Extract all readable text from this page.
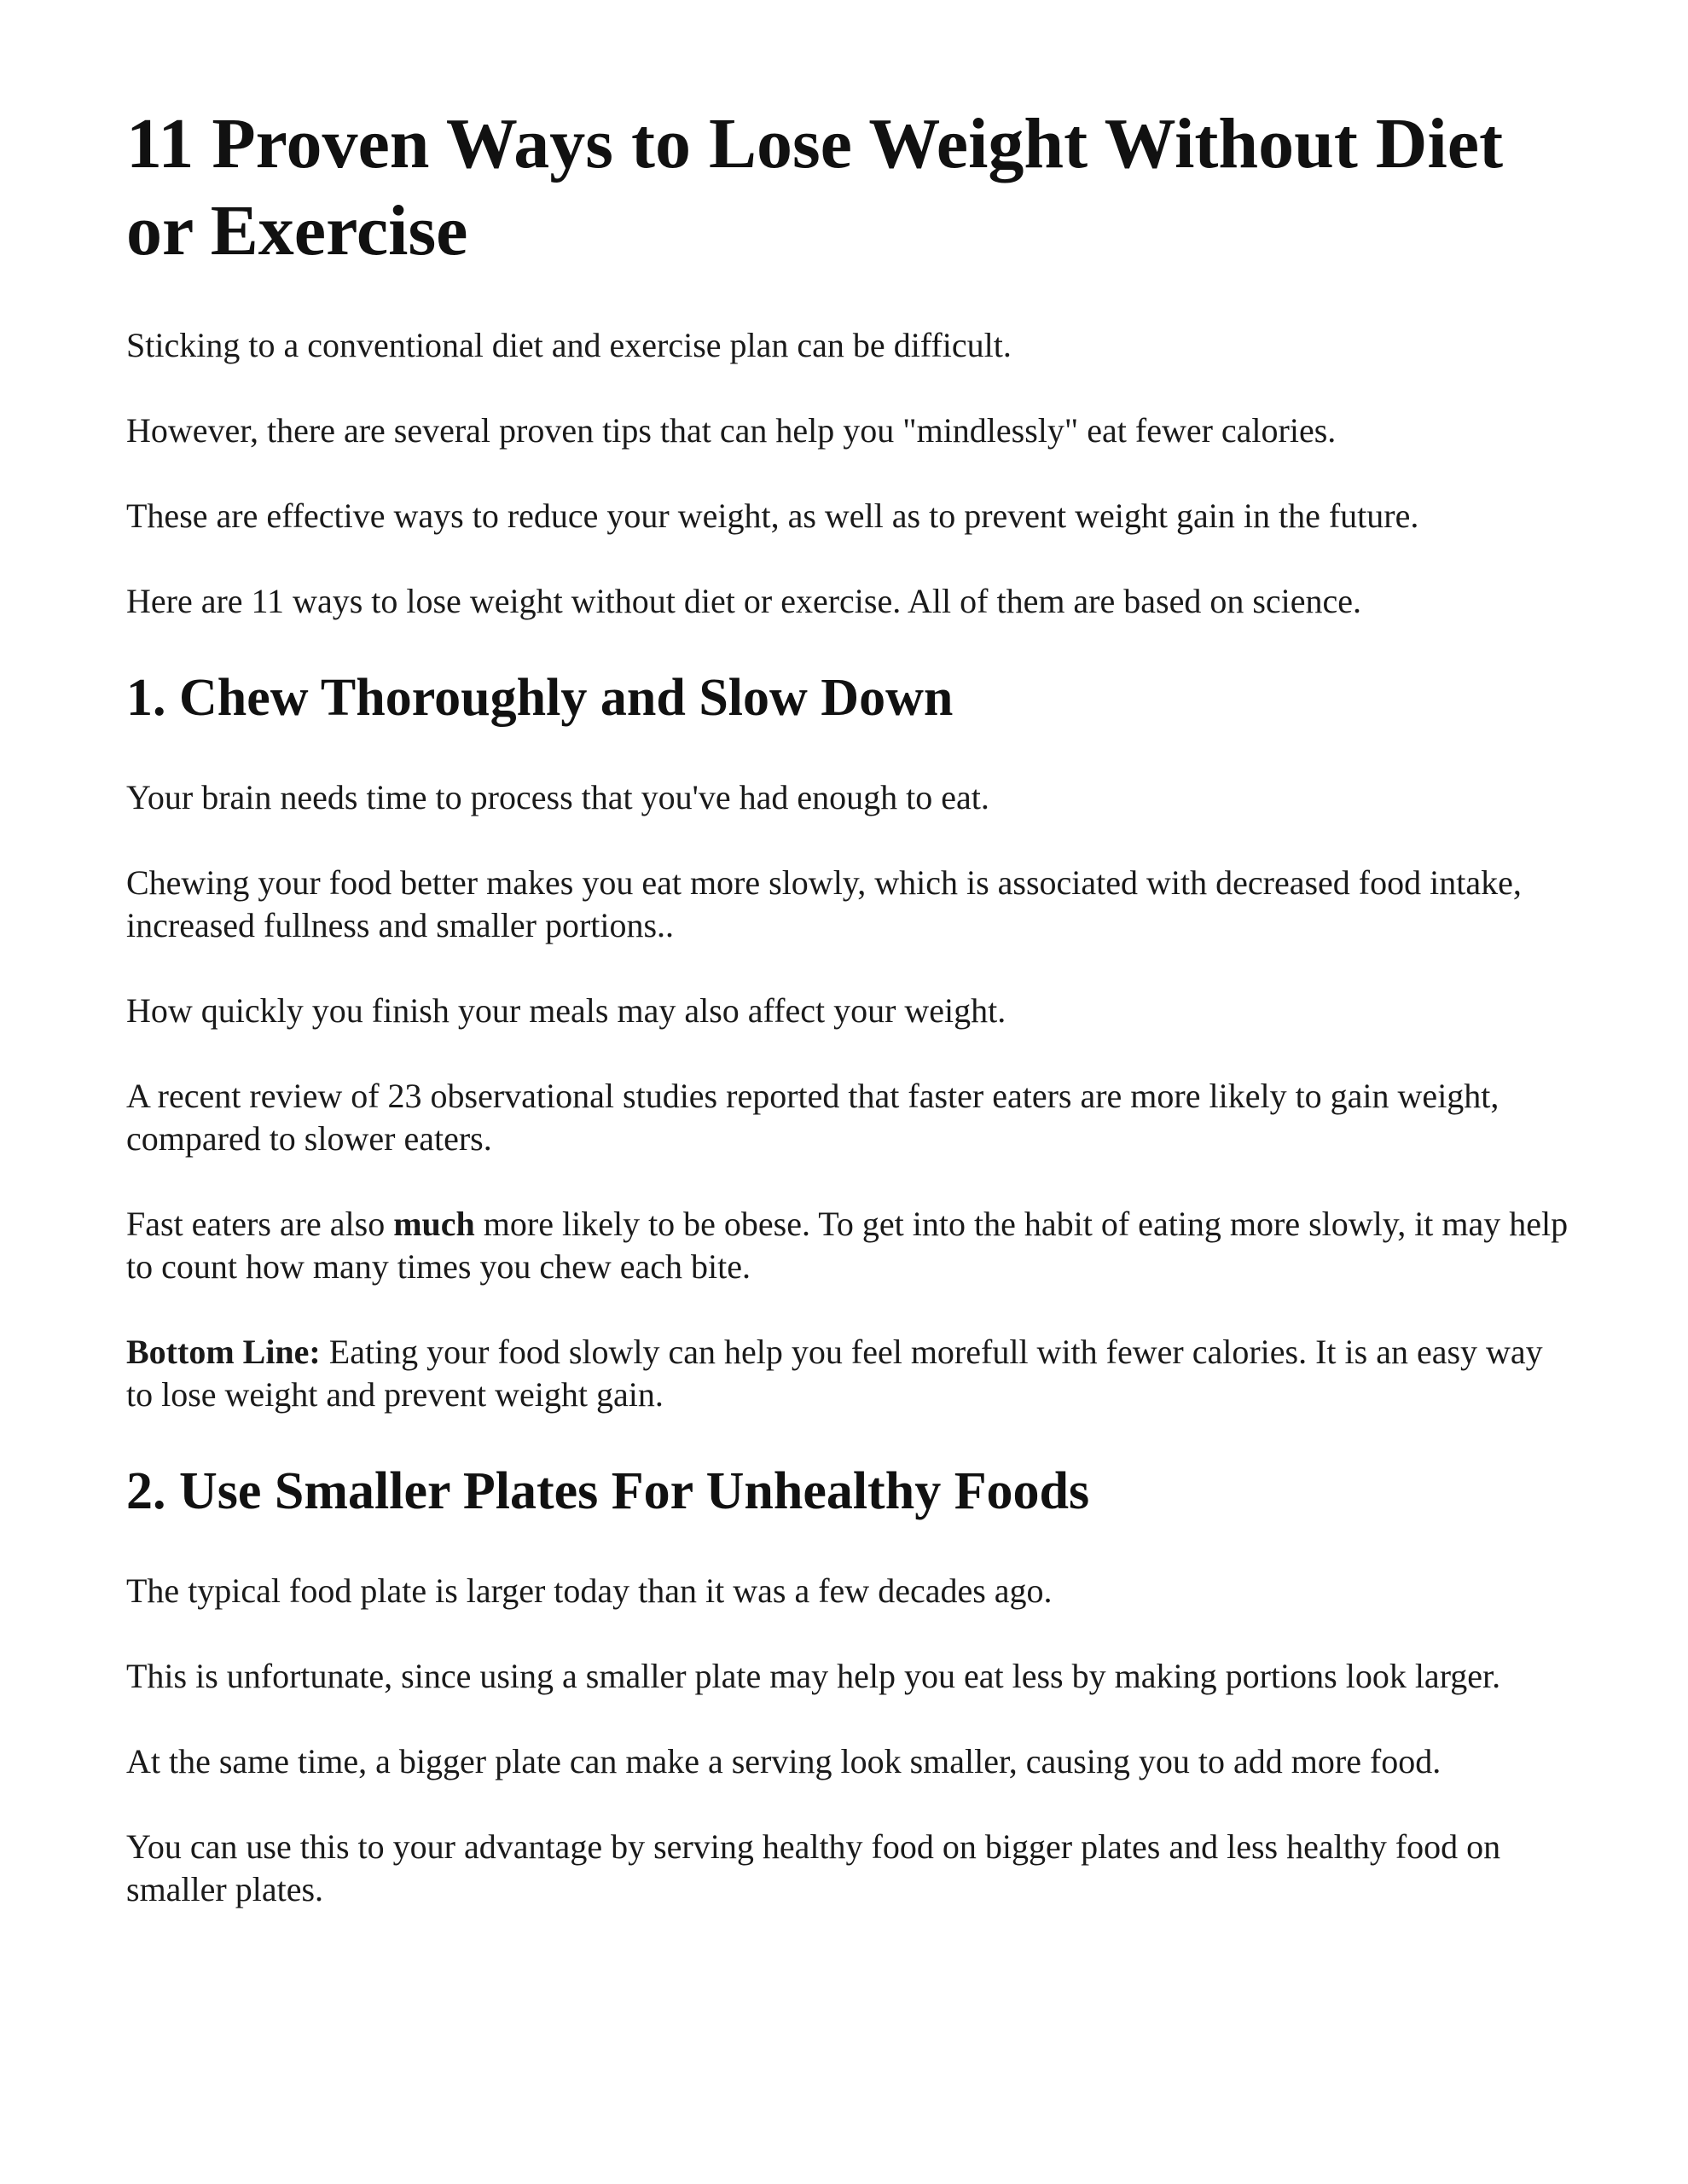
11 Proven Ways to Lose Weight Without Diet or Exercise

Sticking to a conventional diet and exercise plan can be difficult.

However, there are several proven tips that can help you "mindlessly" eat fewer calories.

These are effective ways to reduce your weight, as well as to prevent weight gain in the future.

Here are 11 ways to lose weight without diet or exercise. All of them are based on science.

1. Chew Thoroughly and Slow Down

Your brain needs time to process that you've had enough to eat.

Chewing your food better makes you eat more slowly, which is associated with decreased food intake, increased fullness and smaller portions..

How quickly you finish your meals may also affect your weight.

A recent review of 23 observational studies reported that faster eaters are more likely to gain weight, compared to slower eaters.

Fast eaters are also much more likely to be obese. To get into the habit of eating more slowly, it may help to count how many times you chew each bite.

Bottom Line: Eating your food slowly can help you feel morefull with fewer calories. It is an easy way to lose weight and prevent weight gain.

2. Use Smaller Plates For Unhealthy Foods

The typical food plate is larger today than it was a few decades ago.

This is unfortunate, since using a smaller plate may help you eat less by making portions look larger.

At the same time, a bigger plate can make a serving look smaller, causing you to add more food.

You can use this to your advantage by serving healthy food on bigger plates and less healthy food on smaller plates.
